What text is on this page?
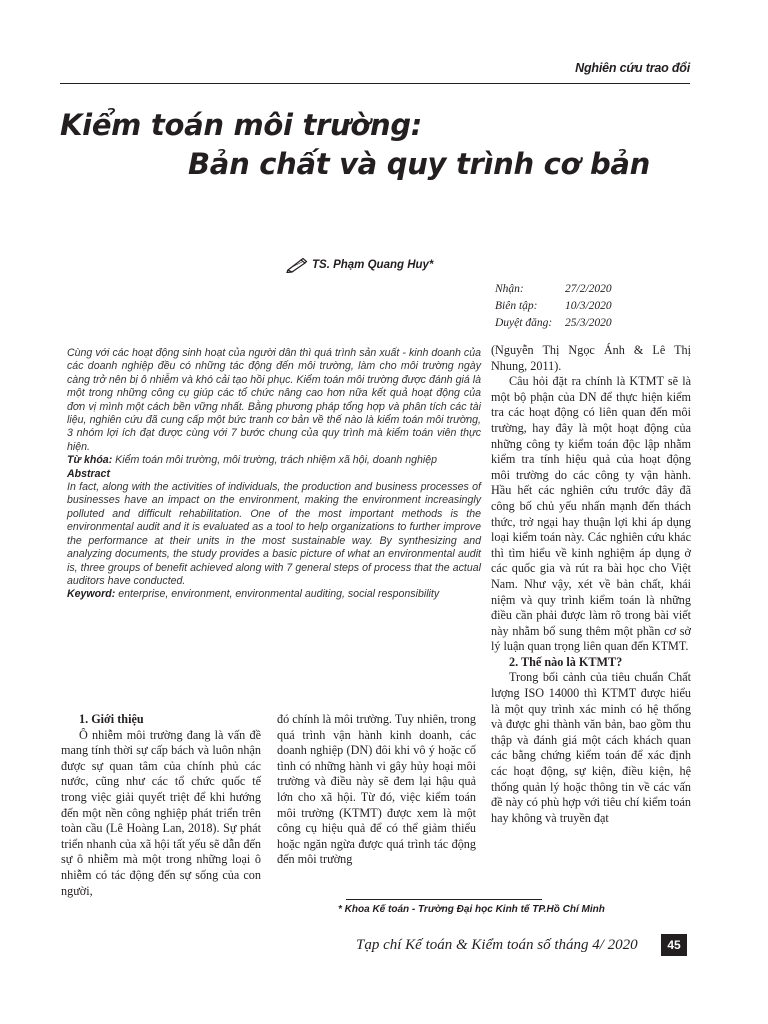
Nghiên cứu trao đổi
Kiểm toán môi trường:
Bản chất và quy trình cơ bản
TS. Phạm Quang Huy*
Nhận:	27/2/2020
Biên tập:	10/3/2020
Duyệt đăng:	25/3/2020

Cùng với các hoạt động sinh hoạt của người dân thì quá trình sản xuất - kinh doanh của các doanh nghiệp đều có những tác động đến môi trường, làm cho môi trường ngày càng trở nên bị ô nhiễm và khó cải tạo hồi phục. Kiểm toán môi trường được đánh giá là một trong những công cụ giúp các tổ chức nâng cao hơn nữa kết quả hoạt động của đơn vị mình một cách bền vững nhất. Bằng phương pháp tổng hợp và phân tích các tài liệu, nghiên cứu đã cung cấp một bức tranh cơ bản về thế nào là kiểm toán môi trường, 3 nhóm lợi ích đạt được cùng với 7 bước chung của quy trình mà kiểm toán viên thực hiện.

Từ khóa: Kiểm toán môi trường, môi trường, trách nhiệm xã hội, doanh nghiệp

Abstract

In fact, along with the activities of individuals, the production and business processes of businesses have an impact on the environment, making the environment increasingly polluted and difficult rehabilitation. One of the most important methods is the environmental audit and it is evaluated as a tool to help organizations to further improve the performance at their units in the most sustainable way. By synthesizing and analyzing documents, the study provides a basic picture of what an environmental audit is, three groups of benefit achieved along with 7 general steps of process that the actual auditors have conducted.

Keyword: enterprise, environment, environmental auditing, social responsibility

1. Giới thiệu

Ô nhiễm môi trường đang là vấn đề mang tính thời sự cấp bách và luôn nhận được sự quan tâm của chính phủ các nước, cũng như các tổ chức quốc tế trong việc giải quyết triệt để khi hướng đến một nền công nghiệp phát triển trên toàn cầu (Lê Hoàng Lan, 2018). Sự phát triển nhanh của xã hội tất yếu sẽ dẫn đến sự ô nhiễm mà một trong những loại ô nhiễm có tác động đến sự sống của con người,

đó chính là môi trường. Tuy nhiên, trong quá trình vận hành kinh doanh, các doanh nghiệp (DN) đôi khi vô ý hoặc cố tình có những hành vi gây hủy hoại môi trường và điều này sẽ đem lại hậu quả lớn cho xã hội. Từ đó, việc kiểm toán môi trường (KTMT) được xem là một công cụ hiệu quả để có thể giảm thiểu hoặc ngăn ngừa được quá trình tác động đến môi trường

(Nguyễn Thị Ngọc Ánh & Lê Thị Nhung, 2011).

Câu hỏi đặt ra chính là KTMT sẽ là một bộ phận của DN để thực hiện kiểm tra các hoạt động có liên quan đến môi trường, hay đây là một hoạt động của những công ty kiểm toán độc lập nhằm kiểm tra tính hiệu quả của hoạt động môi trường do các công ty vận hành. Hầu hết các nghiên cứu trước đây đã công bố chủ yếu nhấn mạnh đến thách thức, trở ngại hay thuận lợi khi áp dụng loại kiểm toán này. Các nghiên cứu khác thì tìm hiểu về kinh nghiệm áp dụng ở các quốc gia và rút ra bài học cho Việt Nam. Như vậy, xét về bản chất, khái niệm và quy trình kiểm toán là những điều cần phải được làm rõ trong bài viết này nhằm bổ sung thêm một phần cơ sở lý luận quan trọng liên quan đến KTMT.

2. Thế nào là KTMT?

Trong bối cảnh của tiêu chuẩn Chất lượng ISO 14000 thì KTMT được hiểu là một quy trình xác minh có hệ thống và được ghi thành văn bản, bao gồm thu thập và đánh giá một cách khách quan các bằng chứng kiểm toán để xác định các hoạt động, sự kiện, điều kiện, hệ thống quản lý hoặc thông tin về các vấn đề này có phù hợp với tiêu chí kiểm toán hay không và truyền đạt

* Khoa Kế toán - Trường Đại học Kinh tế TP.Hồ Chí Minh
Tạp chí Kế toán & Kiểm toán số tháng 4/ 2020	45
